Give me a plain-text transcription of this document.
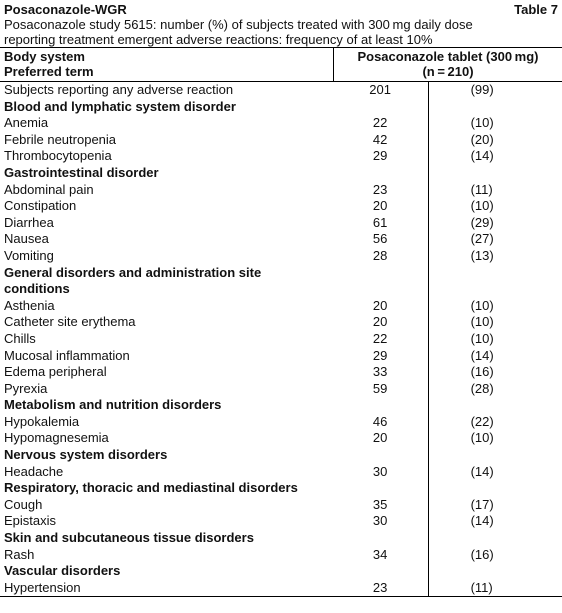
Posaconazole-WGR	Table 7
Posaconazole study 5615: number (%) of subjects treated with 300 mg daily dose
reporting treatment emergent adverse reactions: frequency of at least 10%
Body system
Preferred term
Posaconazole tablet (300 mg)
(n = 210)
Subjects reporting any adverse reaction	201	(99)
Blood and lymphatic system disorder		
Anemia	22	(10)
Febrile neutropenia	42	(20)
Thrombocytopenia	29	(14)
Gastrointestinal disorder		
Abdominal pain	23	(11)
Constipation	20	(10)
Diarrhea	61	(29)
Nausea	56	(27)
Vomiting	28	(13)
General disorders and administration site		
conditions		
Asthenia	20	(10)
Catheter site erythema	20	(10)
Chills	22	(10)
Mucosal inflammation	29	(14)
Edema peripheral	33	(16)
Pyrexia	59	(28)
Metabolism and nutrition disorders		
Hypokalemia	46	(22)
Hypomagnesemia	20	(10)
Nervous system disorders		
Headache	30	(14)
Respiratory, thoracic and mediastinal disorders		
Cough	35	(17)
Epistaxis	30	(14)
Skin and subcutaneous tissue disorders		
Rash	34	(16)
Vascular disorders		
Hypertension	23	(11)
